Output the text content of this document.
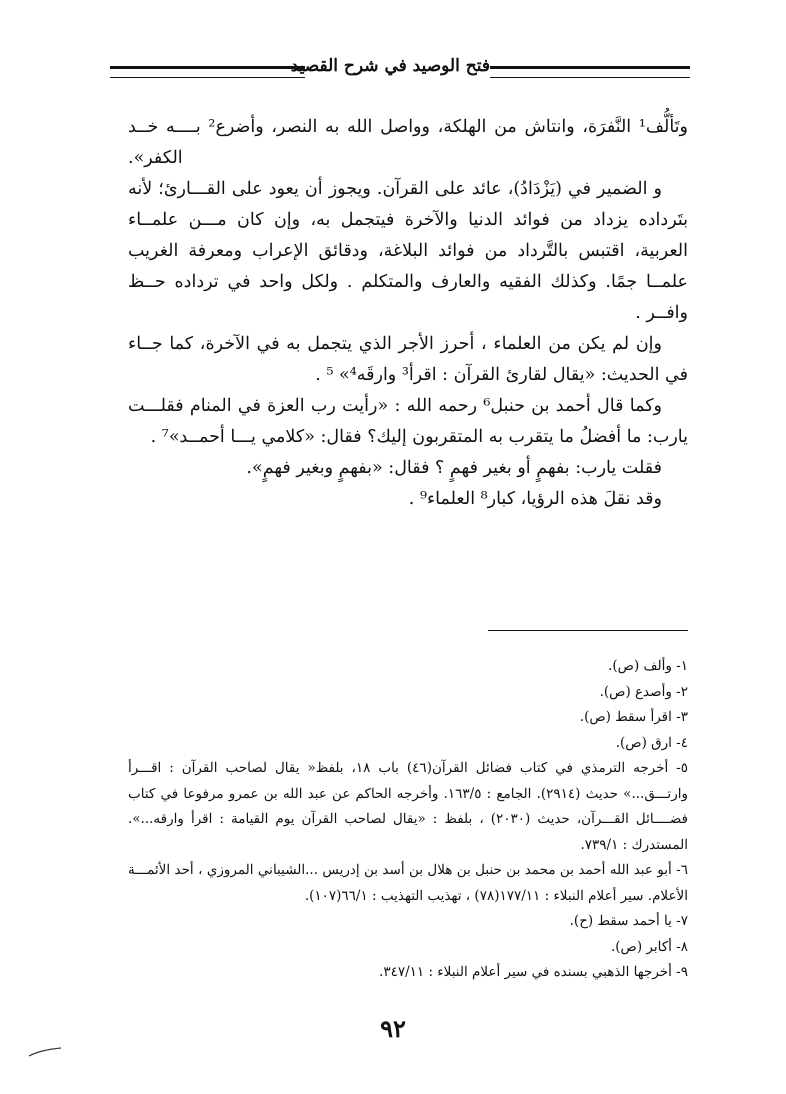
فتح الوصيد في شرح القصيد

وتَألُّف¹ النَّفرَة، وانتاش من الهلكة، وواصل الله به النصر، وأضرع² بــــه خــد الكفر».

و الضمير في (يَزْدَادُ)، عائد على القرآن. ويجوز أن يعود على القـــارئ؛ لأنه بتَرداده يزداد من فوائد الدنيا والآخرة فيتجمل به، وإن كان مـــن علمــاء العربية، اقتبس بالتَّرداد من فوائد البلاغة، ودقائق الإعراب ومعرفة الغريب علمــا جمًا. وكذلك الفقيه والعارف والمتكلم . ولكل واحد في ترداده حــظ وافــر .

وإن لم يكن من العلماء ، أحرز الأجر الذي يتجمل به في الآخرة، كما جــاء في الحديث: «يقال لقارئ القرآن : اقرأ³ وارقَه⁴» ⁵ .

وكما قال أحمد بن حنبل⁶ رحمه الله : «رأيت رب العزة في المنام فقلـــت يارب: ما أفضلُ ما يتقرب به المتقربون إليك؟ فقال: «كلامي يـــا أحمــد»⁷ .

فقلت يارب: بفهمٍ أو بغير فهمٍ ؟ فقال: «بفهمٍ وبغير فهمٍ».

وقد نقلَ هذه الرؤيا، كبار⁸ العلماء⁹ .

١- وألف (ص).

٢- وأصدع (ص).

٣- اقرأ سقط (ص).

٤- ارق (ص).

٥- أخرجه الترمذي في كتاب فضائل القرآن(٤٦) باب ١٨، بلفظ« يقال لصاحب القرآن : اقـــرأ وارتـــق...» حديث (٢٩١٤). الجامع : ١٦٣/٥. وأخرجه الحاكم عن عبد الله بن عمرو مرفوعا في كتاب فضــــائل القـــرآن، حديث (٢٠٣٠) ، بلفظ : «يقال لصاحب القرآن يوم القيامة : اقرأ وارقه...». المستدرك : ٧٣٩/١.

٦- أبو عبد الله أحمد بن محمد بن حنبل بن هلال بن أسد بن إدريس ...الشيباني المروزي ، أحد الأئمـــة الأعلام. سير أعلام النبلاء : ١٧٧/١١(٧٨) ، تهذيب التهذيب : ٦٦/١(١٠٧).

٧- يا أحمد سقط (ح).

٨- أكابر (ص).

٩- أخرجها الذهبي بسنده في سير أعلام النبلاء : ٣٤٧/١١.

٩٢
